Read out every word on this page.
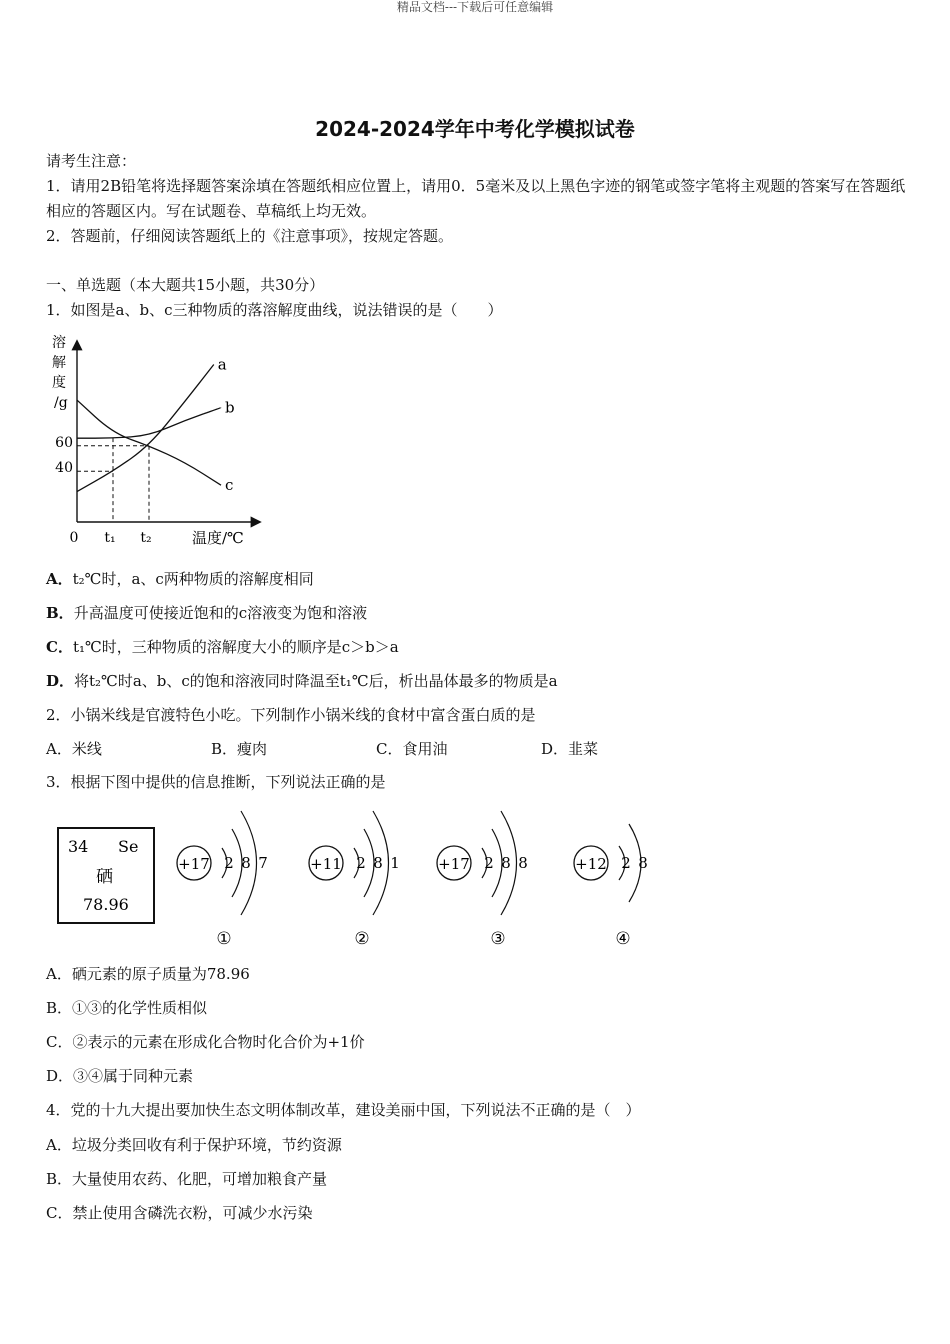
精品文档---下载后可任意编辑
2024-2024学年中考化学模拟试卷
请考生注意：
1．请用2B铅笔将选择题答案涂填在答题纸相应位置上，请用0．5毫米及以上黑色字迹的钢笔或签字笔将主观题的答案写在答题纸相应的答题区内。写在试题卷、草稿纸上均无效。
2．答题前，仔细阅读答题纸上的《注意事项》，按规定答题。
一、单选题（本大题共15小题，共30分）
1．如图是a、b、c三种物质的落溶解度曲线，说法错误的是（　　）
溶解度/g
a
b
c
60
40
0 t₁ t₂	温度/℃
A．t₂℃时，a、c两种物质的溶解度相同
B．升高温度可使接近饱和的c溶液变为饱和溶液
C．t₁℃时，三种物质的溶解度大小的顺序是c＞b＞a
D．将t₂℃时a、b、c的饱和溶液同时降温至t₁℃后，析出晶体最多的物质是a
2．小锅米线是官渡特色小吃。下列制作小锅米线的食材中富含蛋白质的是
A．米线	B．瘦肉	C．食用油	D．韭菜
3．根据下图中提供的信息推断，下列说法正确的是
34 Se
硒
78.96
+17 2 8 7
①
+11 2 8 1
②
+17 2 8 8
③
+12 2 8
④
A．硒元素的原子质量为78.96
B．①③的化学性质相似
C．②表示的元素在形成化合物时化合价为+1价
D．③④属于同种元素
4．党的十九大提出要加快生态文明体制改革，建设美丽中国，下列说法不正确的是（　）
A．垃圾分类回收有利于保护环境，节约资源
B．大量使用农药、化肥，可增加粮食产量
C．禁止使用含磷洗衣粉，可减少水污染
